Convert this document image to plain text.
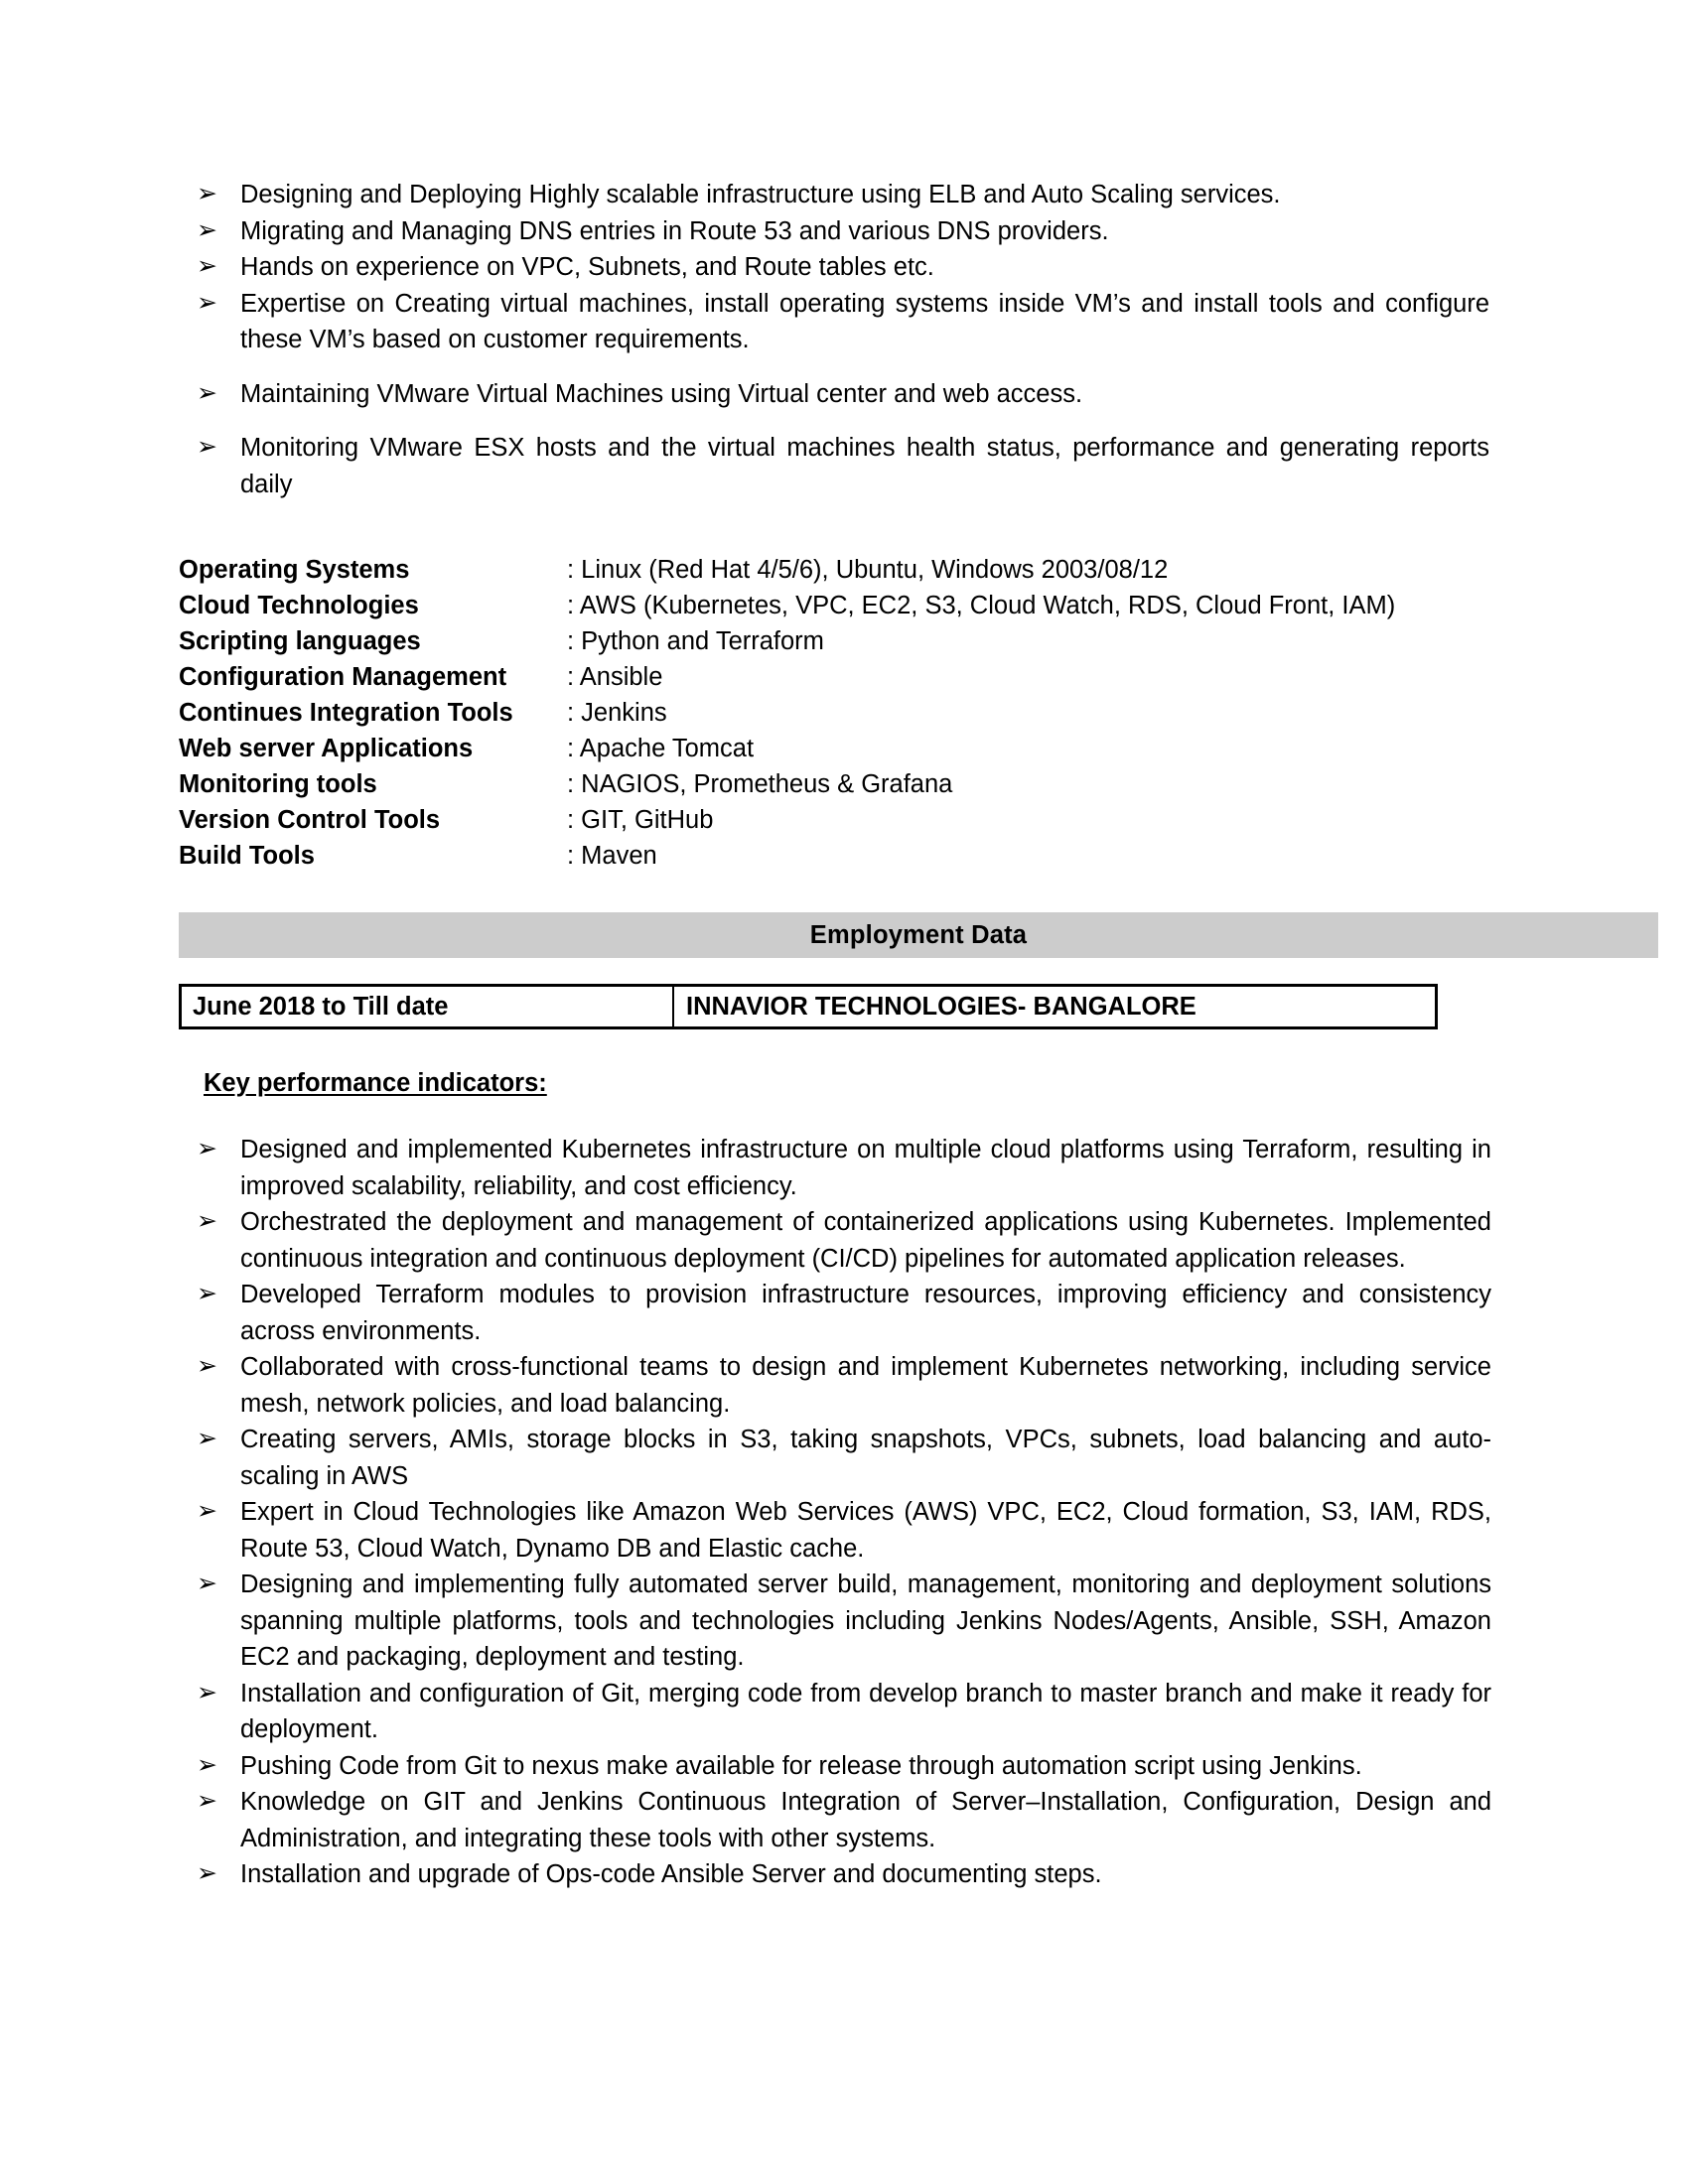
➢ Designing and Deploying Highly scalable infrastructure using ELB and Auto Scaling services.
➢ Migrating and Managing DNS entries in Route 53 and various DNS providers.
➢ Hands on experience on VPC, Subnets, and Route tables etc.
➢ Expertise on Creating virtual machines, install operating systems inside VM’s and install tools and configure these VM’s based on customer requirements.
➢ Maintaining VMware Virtual Machines using Virtual center and web access.
➢ Monitoring VMware ESX hosts and the virtual machines health status, performance and generating reports daily
Operating Systems	: Linux (Red Hat 4/5/6), Ubuntu, Windows 2003/08/12
Cloud Technologies	: AWS (Kubernetes, VPC, EC2, S3, Cloud Watch, RDS, Cloud Front, IAM)
Scripting languages	: Python and Terraform
Configuration Management	: Ansible
Continues Integration Tools	: Jenkins
Web server Applications	: Apache Tomcat
Monitoring tools	: NAGIOS, Prometheus & Grafana
Version Control Tools	: GIT, GitHub
Build Tools	: Maven
Employment Data
June 2018 to Till date	INNAVIOR TECHNOLOGIES- BANGALORE
Key performance indicators:
➢ Designed and implemented Kubernetes infrastructure on multiple cloud platforms using Terraform, resulting in improved scalability, reliability, and cost efficiency.
➢ Orchestrated the deployment and management of containerized applications using Kubernetes. Implemented continuous integration and continuous deployment (CI/CD) pipelines for automated application releases.
➢ Developed Terraform modules to provision infrastructure resources, improving efficiency and consistency across environments.
➢ Collaborated with cross-functional teams to design and implement Kubernetes networking, including service mesh, network policies, and load balancing.
➢ Creating servers, AMIs, storage blocks in S3, taking snapshots, VPCs, subnets, load balancing and auto-scaling in AWS
➢ Expert in Cloud Technologies like Amazon Web Services (AWS) VPC, EC2, Cloud formation, S3, IAM, RDS, Route 53, Cloud Watch, Dynamo DB and Elastic cache.
➢ Designing and implementing fully automated server build, management, monitoring and deployment solutions spanning multiple platforms, tools and technologies including Jenkins Nodes/Agents, Ansible, SSH, Amazon EC2 and packaging, deployment and testing.
➢ Installation and configuration of Git, merging code from develop branch to master branch and make it ready for deployment.
➢ Pushing Code from Git to nexus make available for release through automation script using Jenkins.
➢ Knowledge on GIT and Jenkins Continuous Integration of Server–Installation, Configuration, Design and Administration, and integrating these tools with other systems.
➢ Installation and upgrade of Ops-code Ansible Server and documenting steps.
